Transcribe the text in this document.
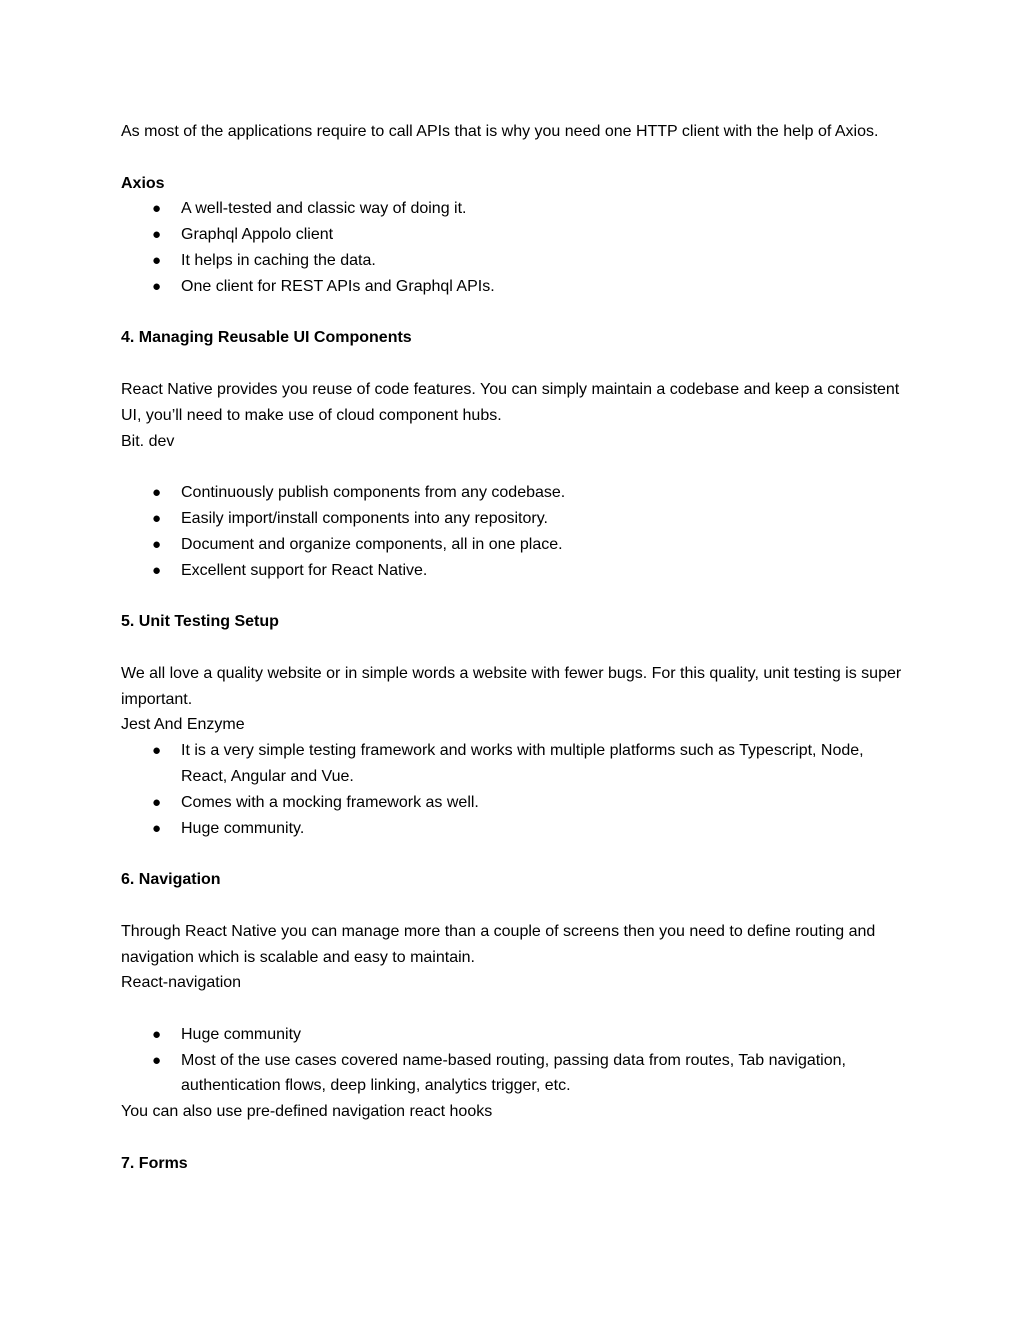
As most of the applications require to call APIs that is why you need one HTTP client with the help of Axios.

Axios

● A well-tested and classic way of doing it.
● Graphql Appolo client
● It helps in caching the data.
● One client for REST APIs and Graphql APIs.

4. Managing Reusable UI Components

React Native provides you reuse of code features. You can simply maintain a codebase and keep a consistent UI, you’ll need to make use of cloud component hubs.

Bit. dev

● Continuously publish components from any codebase.
● Easily import/install components into any repository.
● Document and organize components, all in one place.
● Excellent support for React Native.

5. Unit Testing Setup

We all love a quality website or in simple words a website with fewer bugs. For this quality, unit testing is super important.

Jest And Enzyme

● It is a very simple testing framework and works with multiple platforms such as Typescript, Node, React, Angular and Vue.
● Comes with a mocking framework as well.
● Huge community.

6. Navigation

Through React Native you can manage more than a couple of screens then you need to define routing and navigation which is scalable and easy to maintain.

React-navigation

● Huge community
● Most of the use cases covered name-based routing, passing data from routes, Tab navigation, authentication flows, deep linking, analytics trigger, etc.

You can also use pre-defined navigation react hooks

7. Forms
